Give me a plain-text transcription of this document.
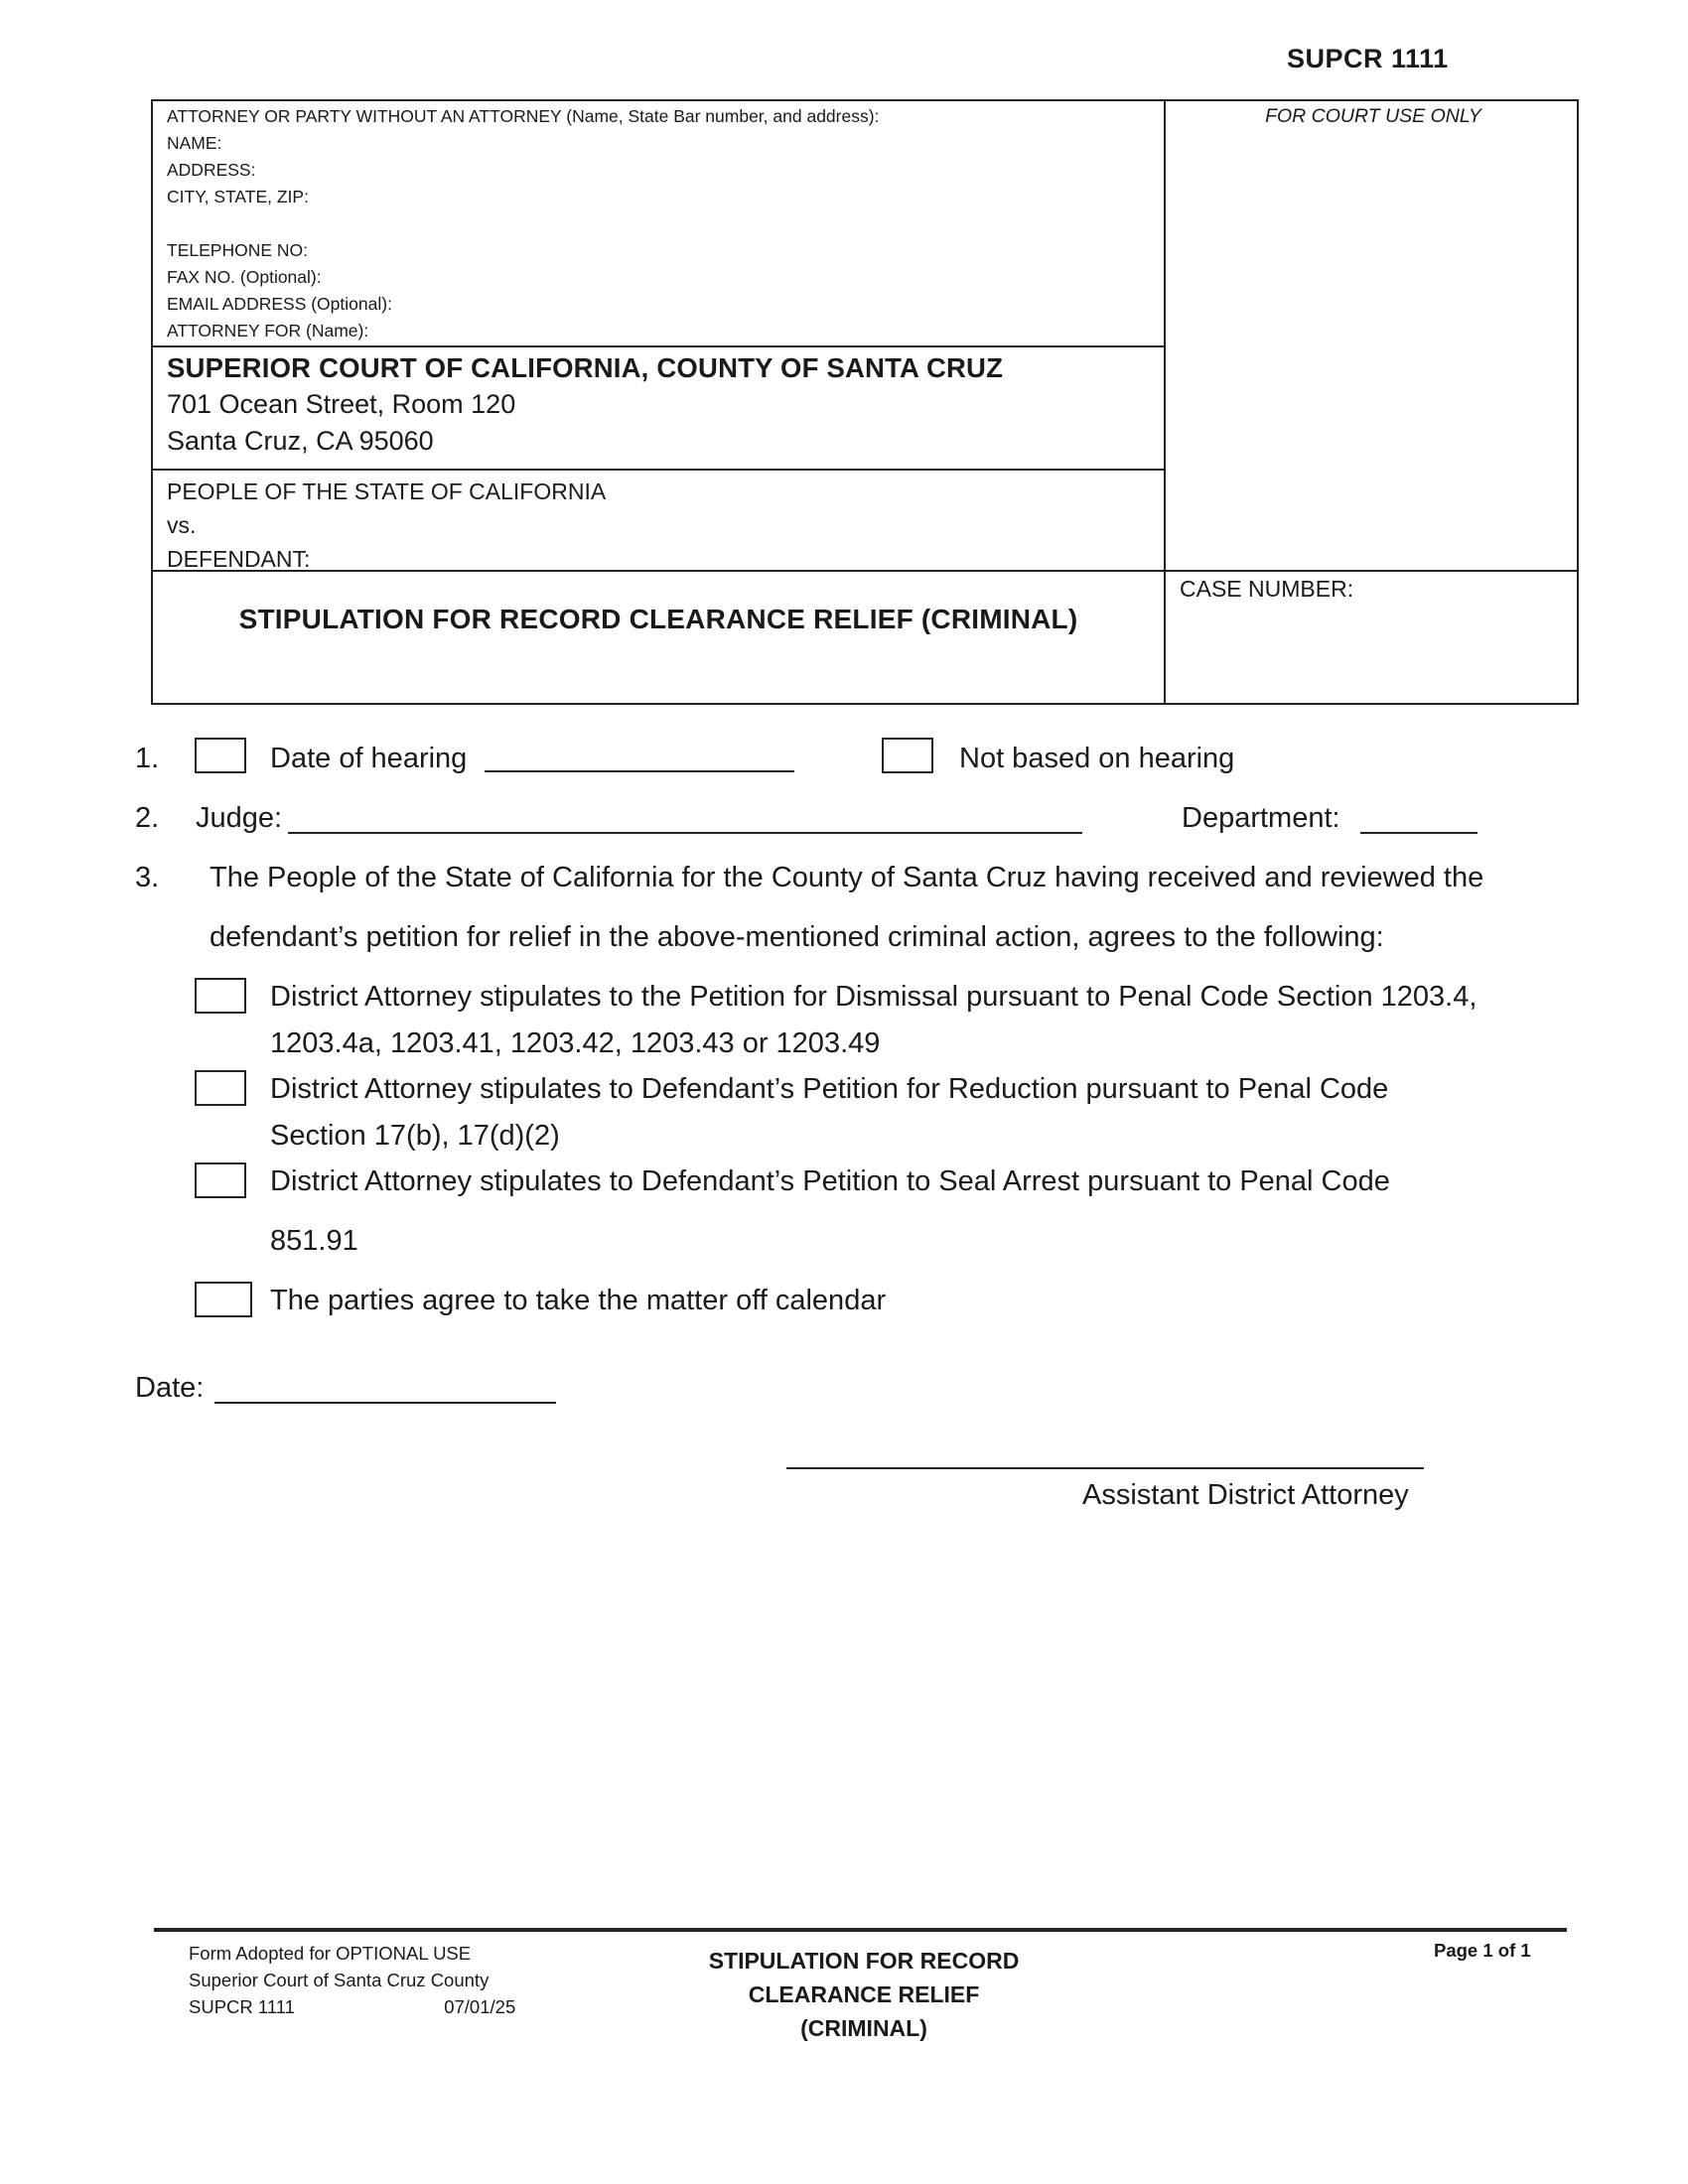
SUPCR 1111
ATTORNEY OR PARTY WITHOUT AN ATTORNEY (Name, State Bar number, and address):
NAME:
ADDRESS:
CITY, STATE, ZIP:

TELEPHONE NO:
FAX NO. (Optional):
EMAIL ADDRESS (Optional):
ATTORNEY FOR (Name):
FOR COURT USE ONLY
SUPERIOR COURT OF CALIFORNIA, COUNTY OF SANTA CRUZ
701 Ocean Street, Room 120
Santa Cruz, CA 95060
PEOPLE OF THE STATE OF CALIFORNIA
vs.
DEFENDANT:
CASE NUMBER:
STIPULATION FOR RECORD CLEARANCE RELIEF (CRIMINAL)
1.	Date of hearing	Not based on hearing
2. Judge:	Department:
3. The People of the State of California for the County of Santa Cruz having received and reviewed the
defendant’s petition for relief in the above-mentioned criminal action, agrees to the following:
District Attorney stipulates to the Petition for Dismissal pursuant to Penal Code Section 1203.4,
1203.4a, 1203.41, 1203.42, 1203.43 or 1203.49
District Attorney stipulates to Defendant’s Petition for Reduction pursuant to Penal Code
Section 17(b), 17(d)(2)
District Attorney stipulates to Defendant’s Petition to Seal Arrest pursuant to Penal Code
851.91
The parties agree to take the matter off calendar
Date:
Assistant District Attorney
Form Adopted for OPTIONAL USE
Superior Court of Santa Cruz County
SUPCR 1111	07/01/25
STIPULATION FOR RECORD
CLEARANCE RELIEF
(CRIMINAL)
Page 1 of 1
